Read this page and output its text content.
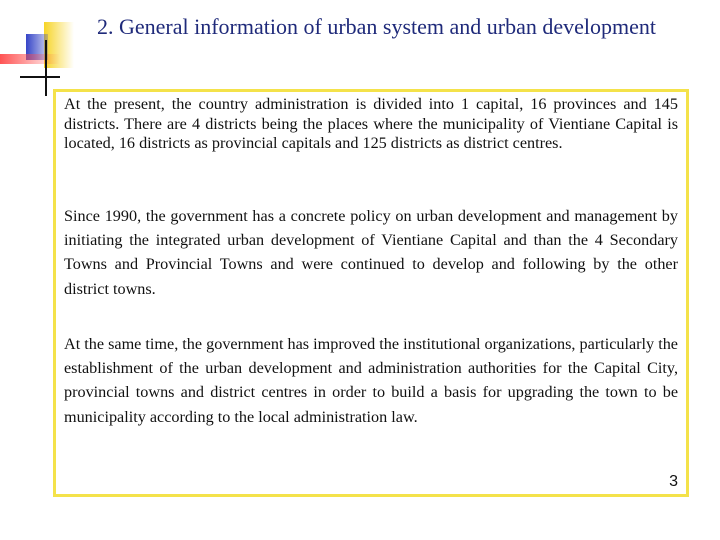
2. General information of urban system and urban development

At the present, the country administration is divided into 1 capital, 16 provinces and 145 districts. There are 4 districts being the places where the municipality of Vientiane Capital is located, 16 districts as provincial capitals and 125 districts as district centres.

Since 1990, the government has a concrete policy on urban development and management by initiating the integrated urban development of Vientiane Capital and than the 4 Secondary Towns and Provincial Towns and were continued to develop and following by the other district towns.

At the same time, the government has improved the institutional organizations, particularly the establishment of the urban development and administration authorities for the Capital City, provincial towns and district centres in order to build a basis for upgrading the town to be municipality according to the local administration law.

3
